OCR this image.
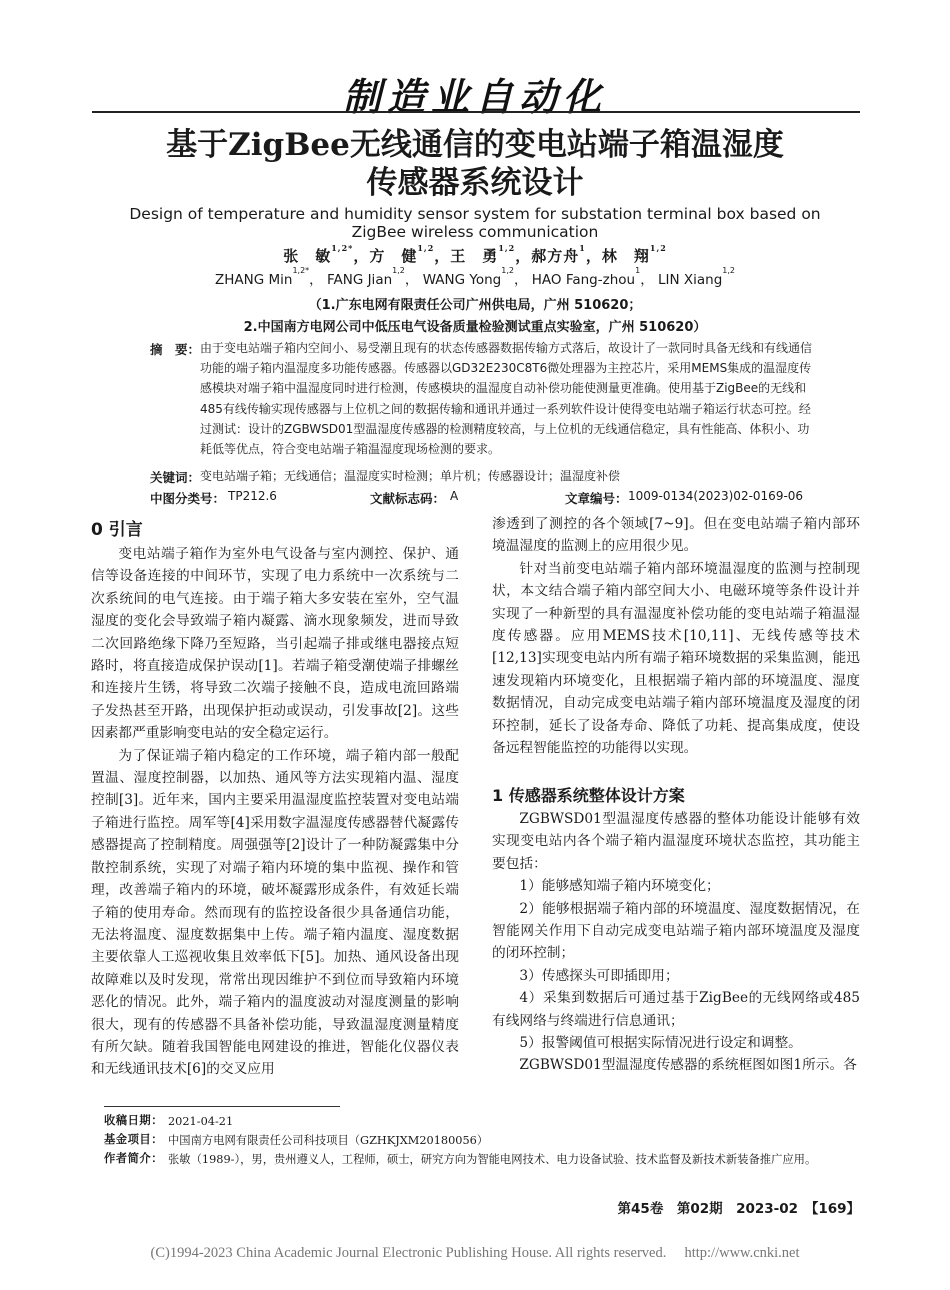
制造业自动化
基于ZigBee无线通信的变电站端子箱温湿度
传感器系统设计
Design of temperature and humidity sensor system for substation terminal box based on ZigBee wireless communication
张　敏$^{1,2*}$，方　健$^{1,2}$，王　勇$^{1,2}$，郝方舟$^1$，林　翔$^{1,2}$
ZHANG Min$^{1,2*}$， FANG Jian$^{1,2}$， WANG Yong$^{1,2}$， HAO Fang-zhou$^1$， LIN Xiang$^{1,2}$
（1.广东电网有限责任公司广州供电局，广州 510620；
2.中国南方电网公司中低压电气设备质量检验测试重点实验室，广州 510620）
摘　要： 由于变电站端子箱内空间小、易受潮且现有的状态传感器数据传输方式落后，故设计了一款同时具备无线和有线通信功能的端子箱内温湿度多功能传感器。传感器以GD32E230C8T6微处理器为主控芯片，采用MEMS集成的温湿度传感模块对端子箱中温湿度同时进行检测，传感模块的温湿度自动补偿功能使测量更准确。使用基于ZigBee的无线和485有线传输实现传感器与上位机之间的数据传输和通讯并通过一系列软件设计使得变电站端子箱运行状态可控。经过测试：设计的ZGBWSD01型温湿度传感器的检测精度较高，与上位机的无线通信稳定，具有性能高、体积小、功耗低等优点，符合变电站端子箱温湿度现场检测的要求。
关键词： 变电站端子箱；无线通信；温湿度实时检测；单片机；传感器设计；温湿度补偿
中图分类号： TP212.6	文献标志码： A	文章编号： 1009-0134(2023)02-0169-06
0 引言

变电站端子箱作为室外电气设备与室内测控、保护、通信等设备连接的中间环节，实现了电力系统中一次系统与二次系统间的电气连接。由于端子箱大多安装在室外，空气温湿度的变化会导致端子箱内凝露、滴水现象频发，进而导致二次回路绝缘下降乃至短路，当引起端子排或继电器接点短路时，将直接造成保护误动[1]。若端子箱受潮使端子排螺丝和连接片生锈，将导致二次端子接触不良，造成电流回路端子发热甚至开路，出现保护拒动或误动，引发事故[2]。这些因素都严重影响变电站的安全稳定运行。

为了保证端子箱内稳定的工作环境，端子箱内部一般配置温、湿度控制器，以加热、通风等方法实现箱内温、湿度控制[3]。近年来，国内主要采用温湿度监控装置对变电站端子箱进行监控。周军等[4]采用数字温湿度传感器替代凝露传感器提高了控制精度。周强强等[2]设计了一种防凝露集中分散控制系统，实现了对端子箱内环境的集中监视、操作和管理，改善端子箱内的环境，破坏凝露形成条件，有效延长端子箱的使用寿命。然而现有的监控设备很少具备通信功能，无法将温度、湿度数据集中上传。端子箱内温度、湿度数据主要依靠人工巡视收集且效率低下[5]。加热、通风设备出现故障难以及时发现，常常出现因维护不到位而导致箱内环境恶化的情况。此外，端子箱内的温度波动对湿度测量的影响很大，现有的传感器不具备补偿功能，导致温湿度测量精度有所欠缺。随着我国智能电网建设的推进，智能化仪器仪表和无线通讯技术[6]的交叉应用

渗透到了测控的各个领域[7~9]。但在变电站端子箱内部环境温湿度的监测上的应用很少见。

针对当前变电站端子箱内部环境温湿度的监测与控制现状，本文结合端子箱内部空间大小、电磁环境等条件设计并实现了一种新型的具有温湿度补偿功能的变电站端子箱温湿度传感器。应用MEMS技术[10,11]、无线传感等技术[12,13]实现变电站内所有端子箱环境数据的采集监测，能迅速发现箱内环境变化，且根据端子箱内部的环境温度、湿度数据情况，自动完成变电站端子箱内部环境温度及湿度的闭环控制，延长了设备寿命、降低了功耗、提高集成度，使设备远程智能监控的功能得以实现。

1 传感器系统整体设计方案

ZGBWSD01型温湿度传感器的整体功能设计能够有效实现变电站内各个端子箱内温湿度环境状态监控，其功能主要包括：

1）能够感知端子箱内环境变化；

2）能够根据端子箱内部的环境温度、湿度数据情况，在智能网关作用下自动完成变电站端子箱内部环境温度及湿度的闭环控制；

3）传感探头可即插即用；

4）采集到数据后可通过基于ZigBee的无线网络或485有线网络与终端进行信息通讯；

5）报警阈值可根据实际情况进行设定和调整。

ZGBWSD01型温湿度传感器的系统框图如图1所示。各

收稿日期： 2021-04-21
基金项目： 中国南方电网有限责任公司科技项目（GZHKJXM20180056）
作者简介： 张敏（1989-），男，贵州遵义人，工程师，硕士，研究方向为智能电网技术、电力设备试验、技术监督及新技术新装备推广应用。
第45卷　第02期　2023-02　【169】
(C)1994-2023 China Academic Journal Electronic Publishing House. All rights reserved.　 http://www.cnki.net
